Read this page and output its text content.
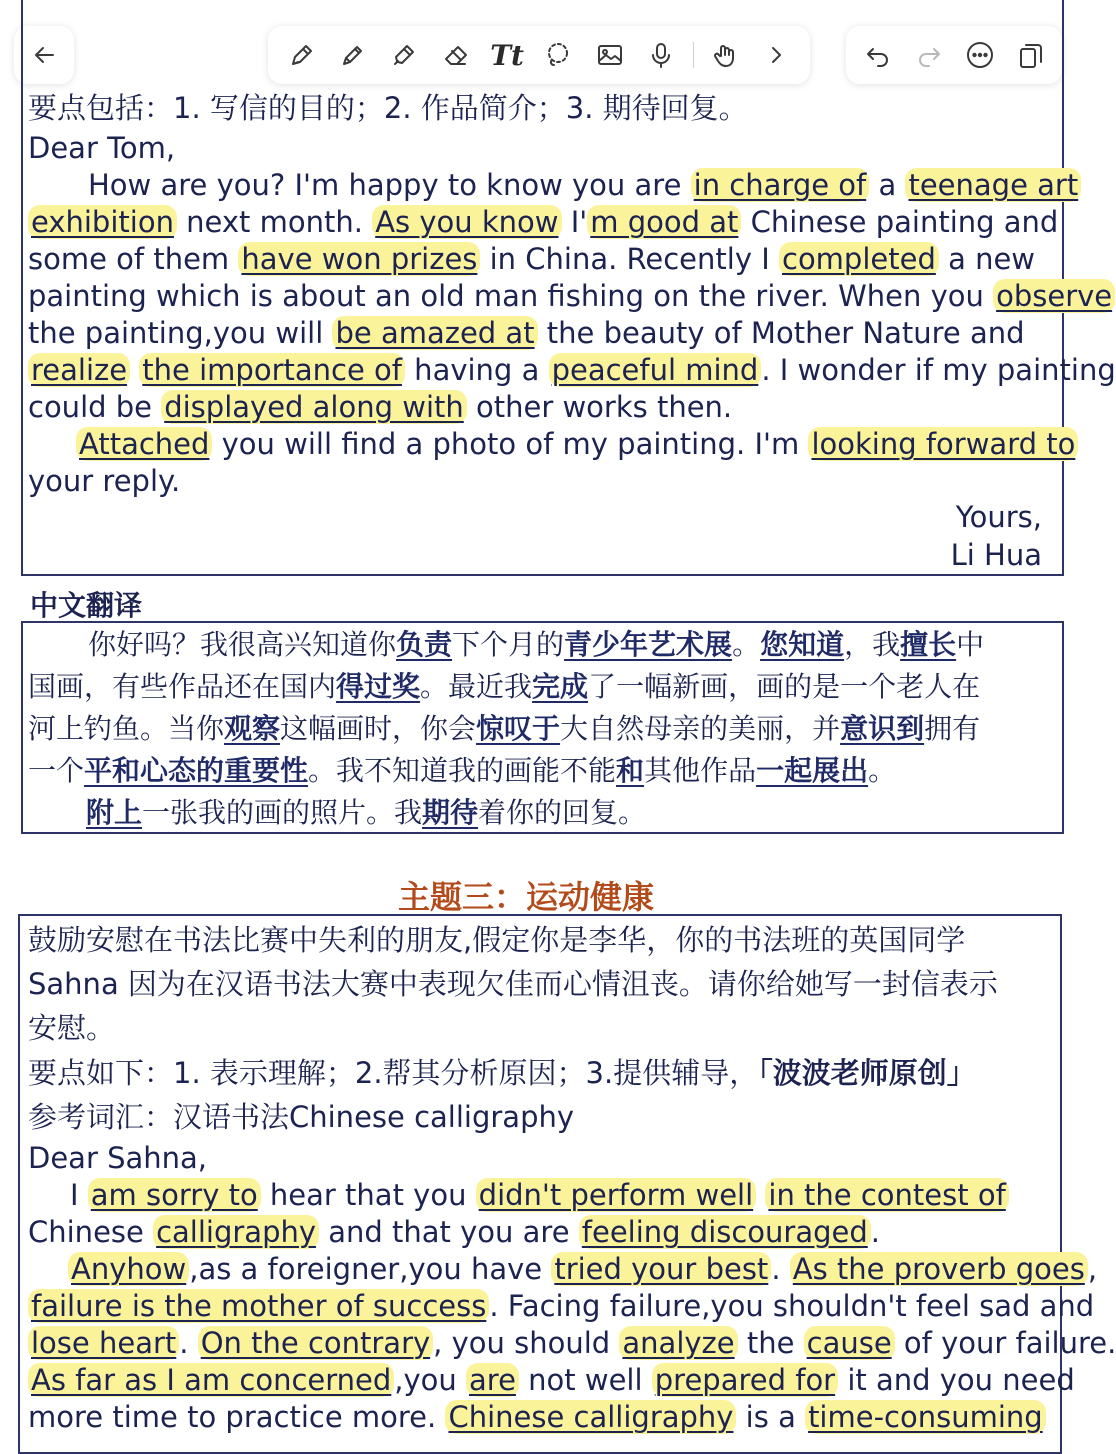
Tt
中文翻译
主题三：运动健康
要点包括：1. 写信的目的；2. 作品简介；3. 期待回复。
Dear Tom,
How are you? I'm happy to know you are in charge of a teenage art
exhibition next month. As you know I' m good at Chinese painting and
some of them have won prizes in China. Recently I completed a new
painting which is about an old man fishing on the river. When you observe
the painting,you will be amazed at the beauty of Mother Nature and
realize the importance of having a peaceful mind . I wonder if my painting
could be displayed along with other works then.
Attached you will find a photo of my painting. I'm looking forward to
your reply.
Yours,
Li Hua
你好吗？我很高兴知道你负责下个月的青少年艺术展。您知道，我擅长中
国画，有些作品还在国内得过奖。最近我完成了一幅新画，画的是一个老人在
河上钓鱼。当你观察这幅画时，你会惊叹于大自然母亲的美丽，并意识到拥有
一个平和心态的重要性。我不知道我的画能不能和其他作品一起展出。
附上一张我的画的照片。我期待着你的回复。
鼓励安慰在书法比赛中失利的朋友,假定你是李华，你的书法班的英国同学
Sahna 因为在汉语书法大赛中表现欠佳而心情沮丧。请你给她写一封信表示
安慰。
要点如下：1. 表示理解；2.帮其分析原因；3.提供辅导，「波波老师原创」
参考词汇：汉语书法Chinese calligraphy
Dear Sahna,
I am sorry to hear that you didn't perform well in the contest of
Chinese calligraphy and that you are feeling discouraged .
Anyhow ,as a foreigner,you have tried your best . As the proverb goes ,
failure is the mother of success . Facing failure,you shouldn't feel sad and
lose heart . On the contrary , you should analyze the cause of your failure.
As far as I am concerned ,you are not well prepared for it and you need
more time to practice more. Chinese calligraphy is a time-consuming
